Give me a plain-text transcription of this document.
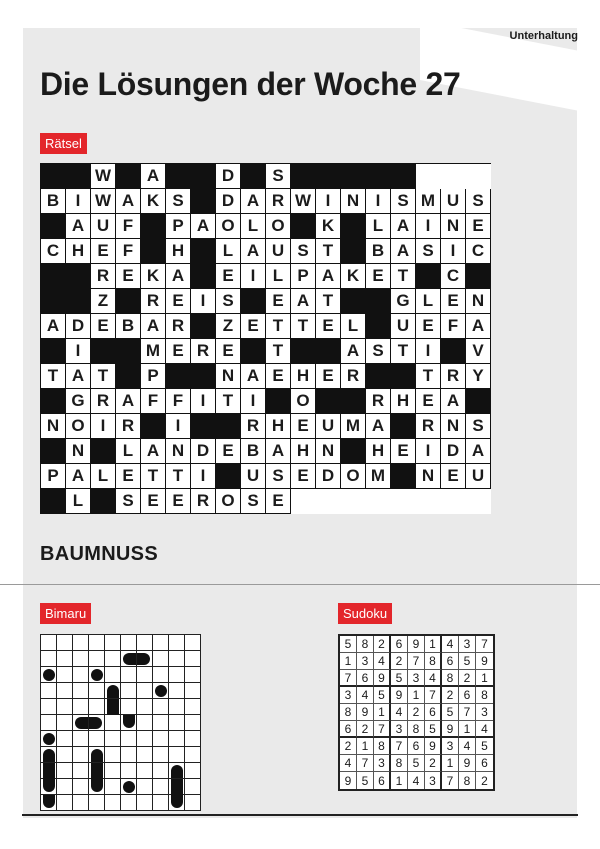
Unterhaltung
Die Lösungen der Woche 27
Rätsel
W	A	D	S
B I W A K S	D A R W I N I S M U S
A U F	P A O L O	K	L A I N E
C H E F	H	L A U S T	B A S I C
R E K A	E I	L P A K E T	C
Z	R E I S	E A T	G L E N
A D E B A R	Z E T T E L	U E F A
I	M E R E	T	A S T	I	V
T A T	P	N A E H E R	T R Y
G R A F F	I	T	I	O	R H E A
N O I R	I	R H E U M A	R N S
N	L A N D E B A H N	H E I D A
P A L E T T	I	U S E D O M	N E U
L	S E E R O S E
BAUMNUSS
Bimaru	Sudoku
5 8 2 6 9 1 4 3 7
1 3 4 2 7 8 6 5 9
7 6 9 5 3 4 8 2 1
3 4 5 9 1 7 2 6 8
8 9 1 4 2 6 5 7 3
6 2 7 3 8 5 9 1 4
2 1 8 7 6 9 3 4 5
4 7 3 8 5 2 1 9 6
9 5 6 1 4 3 7 8 2
